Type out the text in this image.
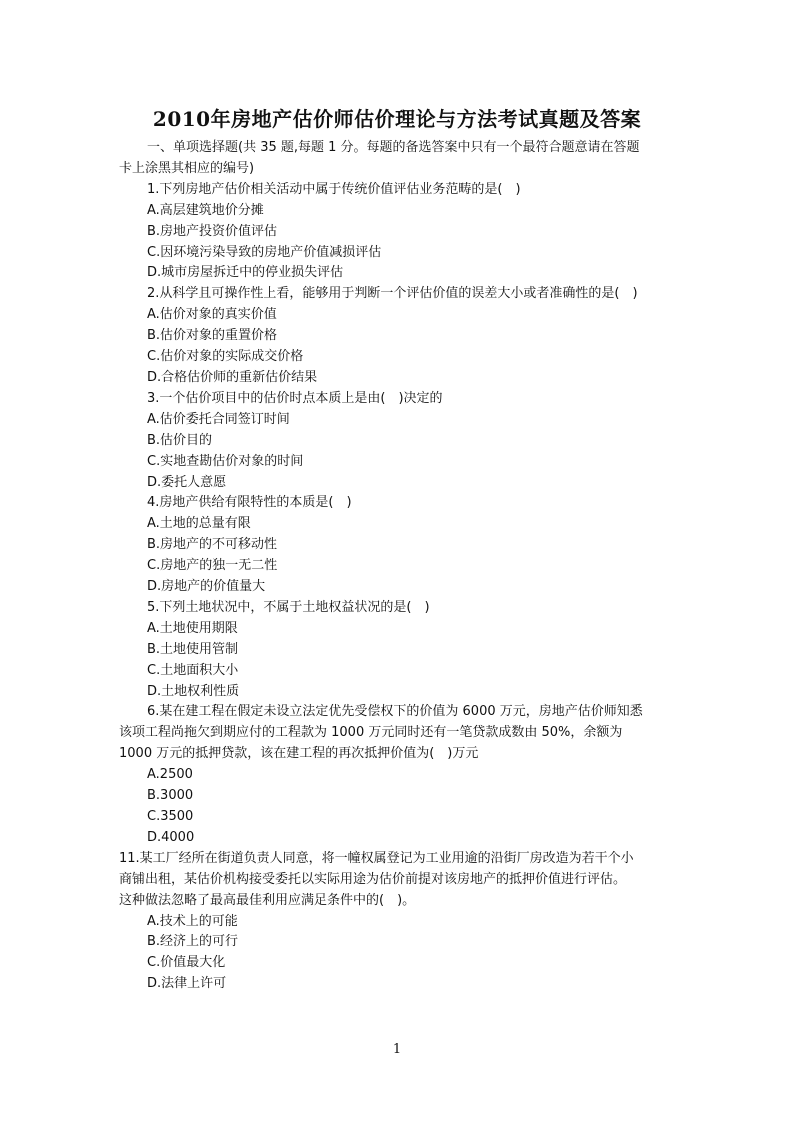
2010年房地产估价师估价理论与方法考试真题及答案
一、单项选择题(共 35 题,每题 1 分。每题的备选答案中只有一个最符合题意请在答题
卡上涂黑其相应的编号)
1.下列房地产估价相关活动中属于传统价值评估业务范畴的是(　)
A.高层建筑地价分摊
B.房地产投资价值评估
C.因环境污染导致的房地产价值减损评估
D.城市房屋拆迁中的停业损失评估
2.从科学且可操作性上看，能够用于判断一个评估价值的误差大小或者准确性的是(　)
A.估价对象的真实价值
B.估价对象的重置价格
C.估价对象的实际成交价格
D.合格估价师的重新估价结果
3.一个估价项目中的估价时点本质上是由(　)决定的
A.估价委托合同签订时间
B.估价目的
C.实地查勘估价对象的时间
D.委托人意愿
4.房地产供给有限特性的本质是(　)
A.土地的总量有限
B.房地产的不可移动性
C.房地产的独一无二性
D.房地产的价值量大
5.下列土地状况中，不属于土地权益状况的是(　)
A.土地使用期限
B.土地使用管制
C.土地面积大小
D.土地权利性质
6.某在建工程在假定未设立法定优先受偿权下的价值为 6000 万元，房地产估价师知悉
该项工程尚拖欠到期应付的工程款为 1000 万元同时还有一笔贷款成数由 50%，余额为
1000 万元的抵押贷款，该在建工程的再次抵押价值为(　)万元
A.2500
B.3000
C.3500
D.4000
11.某工厂经所在街道负责人同意，将一幢权属登记为工业用逾的沿街厂房改造为若干个小
商铺出租，某估价机构接受委托以实际用途为估价前提对该房地产的抵押价值进行评估。
这种做法忽略了最高最佳利用应满足条件中的(　)。
A.技术上的可能
B.经济上的可行
C.价值最大化
D.法律上许可
1
